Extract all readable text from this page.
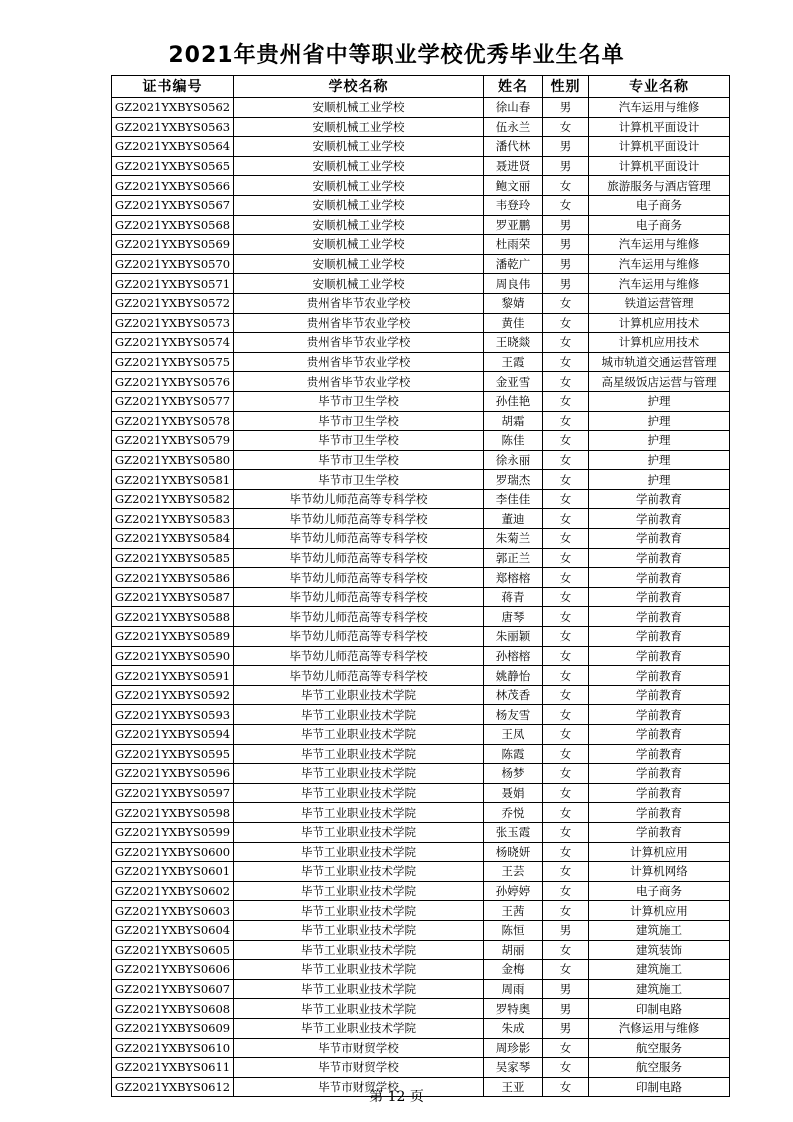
2021年贵州省中等职业学校优秀毕业生名单
证书编号	学校名称	姓名	性别	专业名称
GZ2021YXBYS0562	安顺机械工业学校	徐山春	男	汽车运用与维修
GZ2021YXBYS0563	安顺机械工业学校	伍永兰	女	计算机平面设计
GZ2021YXBYS0564	安顺机械工业学校	潘代林	男	计算机平面设计
GZ2021YXBYS0565	安顺机械工业学校	聂进贤	男	计算机平面设计
GZ2021YXBYS0566	安顺机械工业学校	鲍文丽	女	旅游服务与酒店管理
GZ2021YXBYS0567	安顺机械工业学校	韦登玲	女	电子商务
GZ2021YXBYS0568	安顺机械工业学校	罗亚鹏	男	电子商务
GZ2021YXBYS0569	安顺机械工业学校	杜雨荣	男	汽车运用与维修
GZ2021YXBYS0570	安顺机械工业学校	潘乾广	男	汽车运用与维修
GZ2021YXBYS0571	安顺机械工业学校	周良伟	男	汽车运用与维修
GZ2021YXBYS0572	贵州省毕节农业学校	黎婧	女	铁道运营管理
GZ2021YXBYS0573	贵州省毕节农业学校	黄佳	女	计算机应用技术
GZ2021YXBYS0574	贵州省毕节农业学校	王晓燚	女	计算机应用技术
GZ2021YXBYS0575	贵州省毕节农业学校	王霞	女	城市轨道交通运营管理
GZ2021YXBYS0576	贵州省毕节农业学校	金亚雪	女	高星级饭店运营与管理
GZ2021YXBYS0577	毕节市卫生学校	孙佳艳	女	护理
GZ2021YXBYS0578	毕节市卫生学校	胡霜	女	护理
GZ2021YXBYS0579	毕节市卫生学校	陈佳	女	护理
GZ2021YXBYS0580	毕节市卫生学校	徐永丽	女	护理
GZ2021YXBYS0581	毕节市卫生学校	罗瑞杰	女	护理
GZ2021YXBYS0582	毕节幼儿师范高等专科学校	李佳佳	女	学前教育
GZ2021YXBYS0583	毕节幼儿师范高等专科学校	董迪	女	学前教育
GZ2021YXBYS0584	毕节幼儿师范高等专科学校	朱菊兰	女	学前教育
GZ2021YXBYS0585	毕节幼儿师范高等专科学校	郭正兰	女	学前教育
GZ2021YXBYS0586	毕节幼儿师范高等专科学校	郑榕榕	女	学前教育
GZ2021YXBYS0587	毕节幼儿师范高等专科学校	蒋青	女	学前教育
GZ2021YXBYS0588	毕节幼儿师范高等专科学校	唐琴	女	学前教育
GZ2021YXBYS0589	毕节幼儿师范高等专科学校	朱丽颖	女	学前教育
GZ2021YXBYS0590	毕节幼儿师范高等专科学校	孙榕榕	女	学前教育
GZ2021YXBYS0591	毕节幼儿师范高等专科学校	姚静怡	女	学前教育
GZ2021YXBYS0592	毕节工业职业技术学院	林茂香	女	学前教育
GZ2021YXBYS0593	毕节工业职业技术学院	杨友雪	女	学前教育
GZ2021YXBYS0594	毕节工业职业技术学院	王凤	女	学前教育
GZ2021YXBYS0595	毕节工业职业技术学院	陈霞	女	学前教育
GZ2021YXBYS0596	毕节工业职业技术学院	杨梦	女	学前教育
GZ2021YXBYS0597	毕节工业职业技术学院	聂娟	女	学前教育
GZ2021YXBYS0598	毕节工业职业技术学院	乔悦	女	学前教育
GZ2021YXBYS0599	毕节工业职业技术学院	张玉霞	女	学前教育
GZ2021YXBYS0600	毕节工业职业技术学院	杨晓妍	女	计算机应用
GZ2021YXBYS0601	毕节工业职业技术学院	王芸	女	计算机网络
GZ2021YXBYS0602	毕节工业职业技术学院	孙婷婷	女	电子商务
GZ2021YXBYS0603	毕节工业职业技术学院	王茜	女	计算机应用
GZ2021YXBYS0604	毕节工业职业技术学院	陈恒	男	建筑施工
GZ2021YXBYS0605	毕节工业职业技术学院	胡丽	女	建筑装饰
GZ2021YXBYS0606	毕节工业职业技术学院	金梅	女	建筑施工
GZ2021YXBYS0607	毕节工业职业技术学院	周雨	男	建筑施工
GZ2021YXBYS0608	毕节工业职业技术学院	罗特奥	男	印制电路
GZ2021YXBYS0609	毕节工业职业技术学院	朱成	男	汽修运用与维修
GZ2021YXBYS0610	毕节市财贸学校	周珍影	女	航空服务
GZ2021YXBYS0611	毕节市财贸学校	吴家琴	女	航空服务
GZ2021YXBYS0612	毕节市财贸学校	王亚	女	印制电路
第 12 页
